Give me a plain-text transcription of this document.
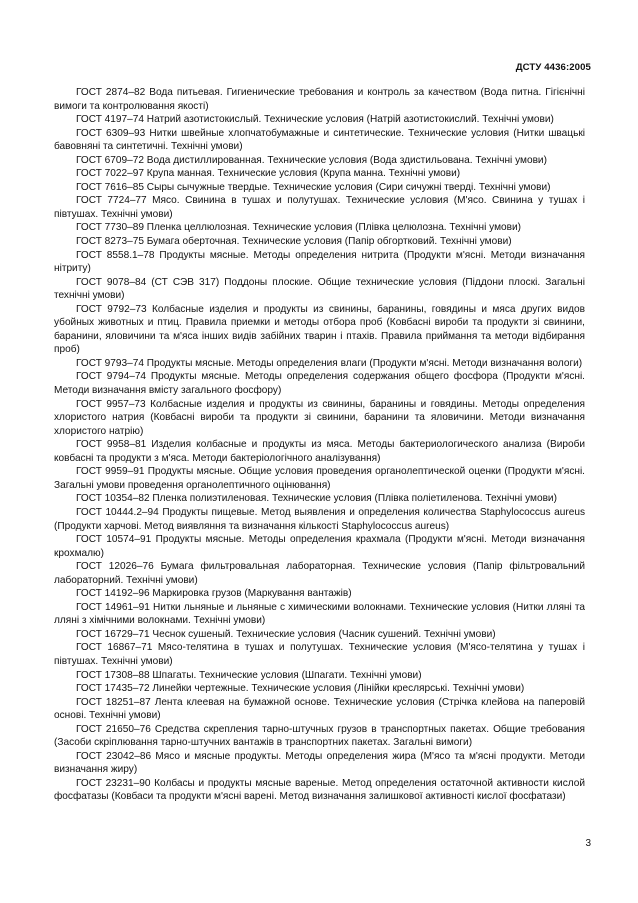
ДСТУ 4436:2005

ГОСТ 2874–82 Вода питьевая. Гигиенические требования и контроль за качеством (Вода питна. Гігієнічні вимоги та контролювання якості)

ГОСТ 4197–74 Натрий азотистокислый. Технические условия (Натрій азотистокислий. Технічні умови)

ГОСТ 6309–93 Нитки швейные хлопчатобумажные и синтетические. Технические условия (Нитки швацькі бавовняні та синтетичні. Технічні умови)

ГОСТ 6709–72 Вода дистиллированная. Технические условия (Вода здистильована. Технічні умови)

ГОСТ 7022–97 Крупа манная. Технические условия (Крупа манна. Технічні умови)

ГОСТ 7616–85 Сыры сычужные твердые. Технические условия (Сири сичужні тверді. Технічні умови)

ГОСТ 7724–77 Мясо. Свинина в тушах и полутушах. Технические условия (М'ясо. Свинина у тушах і півтушах. Технічні умови)

ГОСТ 7730–89 Пленка целлюлозная. Технические условия (Плівка целюлозна. Технічні умови)

ГОСТ 8273–75 Бумага оберточная. Технические условия (Папір обгортковий. Технічні умови)

ГОСТ 8558.1–78 Продукты мясные. Методы определения нитрита (Продукти м'ясні. Методи визначання нітриту)

ГОСТ 9078–84 (СТ СЭВ 317) Поддоны плоские. Общие технические условия (Піддони плоскі. Загальні технічні умови)

ГОСТ 9792–73 Колбасные изделия и продукты из свинины, баранины, говядины и мяса других видов убойных животных и птиц. Правила приемки и методы отбора проб (Ковбасні вироби та продукти зі свинини, баранини, яловичини та м'яса інших видів забійних тварин і птахів. Правила приймання та методи відбирання проб)

ГОСТ 9793–74 Продукты мясные. Методы определения влаги (Продукти м'ясні. Методи визначання вологи)

ГОСТ 9794–74 Продукты мясные. Методы определения содержания общего фосфора (Продукти м'ясні. Методи визначання вмісту загального фосфору)

ГОСТ 9957–73 Колбасные изделия и продукты из свинины, баранины и говядины. Методы определения хлористого натрия (Ковбасні вироби та продукти зі свинини, баранини та яловичини. Методи визначання хлористого натрію)

ГОСТ 9958–81 Изделия колбасные и продукты из мяса. Методы бактериологического анализа (Вироби ковбасні та продукти з м'яса. Методи бактеріологічного аналізування)

ГОСТ 9959–91 Продукты мясные. Общие условия проведения органолептической оценки (Продукти м'ясні. Загальні умови проведення органолептичного оцінювання)

ГОСТ 10354–82 Пленка полиэтиленовая. Технические условия (Плівка поліетиленова. Технічні умови)

ГОСТ 10444.2–94 Продукты пищевые. Метод выявления и определения количества Staphylococcus aureus (Продукти харчові. Метод виявляння та визначання кількості Staphylococcus aureus)

ГОСТ 10574–91 Продукты мясные. Методы определения крахмала (Продукти м'ясні. Методи визначання крохмалю)

ГОСТ 12026–76 Бумага фильтровальная лабораторная. Технические условия (Папір фільтровальний лабораторний. Технічні умови)

ГОСТ 14192–96 Маркировка грузов (Маркування вантажів)

ГОСТ 14961–91 Нитки льняные и льняные с химическими волокнами. Технические условия (Нитки лляні та лляні з хімічними волокнами. Технічні умови)

ГОСТ 16729–71 Чеснок сушеный. Технические условия (Часник сушений. Технічні умови)

ГОСТ 16867–71 Мясо-телятина в тушах и полутушах. Технические условия (М'ясо-телятина у тушах і півтушах. Технічні умови)

ГОСТ 17308–88 Шпагаты. Технические условия (Шпагати. Технічні умови)

ГОСТ 17435–72 Линейки чертежные. Технические условия (Лінійки креслярські. Технічні умови)

ГОСТ 18251–87 Лента клеевая на бумажной основе. Технические условия (Стрічка клейова на паперовій основі. Технічні умови)

ГОСТ 21650–76 Средства скрепления тарно-штучных грузов в транспортных пакетах. Общие требования (Засоби скріплювання тарно-штучних вантажів в транспортних пакетах. Загальні вимоги)

ГОСТ 23042–86 Мясо и мясные продукты. Методы определения жира (М'ясо та м'ясні продукти. Методи визначання жиру)

ГОСТ 23231–90 Колбасы и продукты мясные вареные. Метод определения остаточной активности кислой фосфатазы (Ковбаси та продукти м'ясні варені. Метод визначання залишкової активності кислої фосфатази)

3
